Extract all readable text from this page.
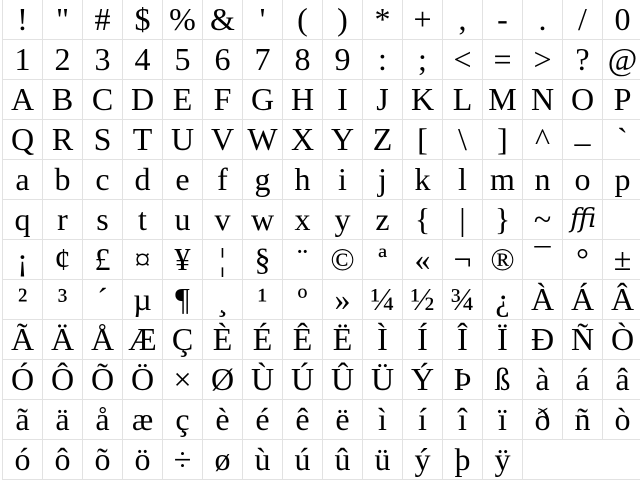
! " # $ % & ' ( ) * + , - . / 0
1 2 3 4 5 6 7 8 9 : ; < = > ? @
A B C D E F G H I J K L M N O P
Q R S T U V W X Y Z [ \ ] ^ _ `
a b c d e f g h i j k l m n o p
q r s t u v w x y z { | } ~ ﬃ
¡ ¢ £ ¤ ¥ ¦ § ¨ © ª « ¬ ® ¯ ° ±
² ³ ´ µ ¶ ¸ ¹ º » ¼ ½ ¾ ¿ À Á Â
Ã Ä Å Æ Ç È É Ê Ë Ì Í Î Ï Ð Ñ Ò
Ó Ô Õ Ö × Ø Ù Ú Û Ü Ý Þ ß à á â
ã ä å æ ç è é ê ë ì í î ï ð ñ ò
ó ô õ ö ÷ ø ù ú û ü ý þ ÿ
